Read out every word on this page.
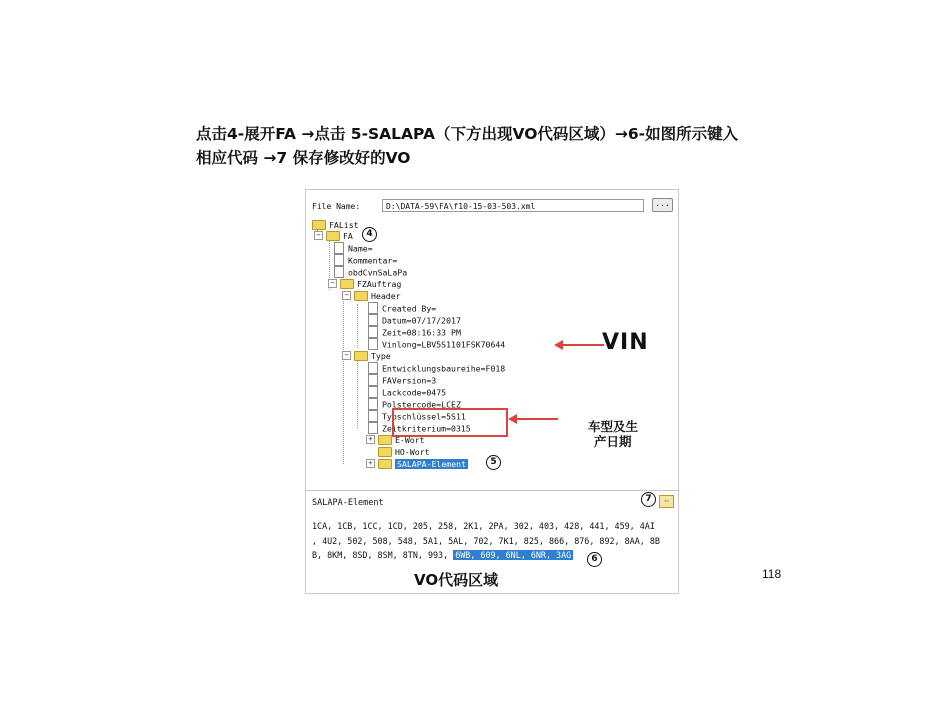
点击4-展开FA →点击 5-SALAPA（下方出现VO代码区域）→6-如图所示键入
相应代码 →7 保存修改好的VO
File Name:	D:\DATA-59\FA\f10-15-03-503.xml	...
FAList
−	FA
Name=
Kommentar=
obdCvnSaLaPa
−	FZAuftrag
−	Header
Created By=
Datum=07/17/2017
Zeit=08:16:33 PM
Vinlong=LBV5S1101FSK70644
−	Type
Entwicklungsbaureihe=F018
FAVersion=3
Lackcode=0475
Polstercode=LCEZ
Typschlüssel=5S11
Zeitkriterium=0315
+	E-Wort
HO-Wort
+	SALAPA-Element
4
5
VIN
车型及生
产日期
SALAPA-Element	7	⇦
1CA, 1CB, 1CC, 1CD, 205, 258, 2K1, 2PA, 302, 403, 428, 441, 459, 4AI
, 4U2, 502, 508, 548, 5A1, 5AL, 702, 7K1, 825, 866, 876, 892, 8AA, 8B
B, 8KM, 8SD, 8SM, 8TN, 993, 6WB, 609, 6NL, 6NR, 3AG	6
VO代码区域	118
